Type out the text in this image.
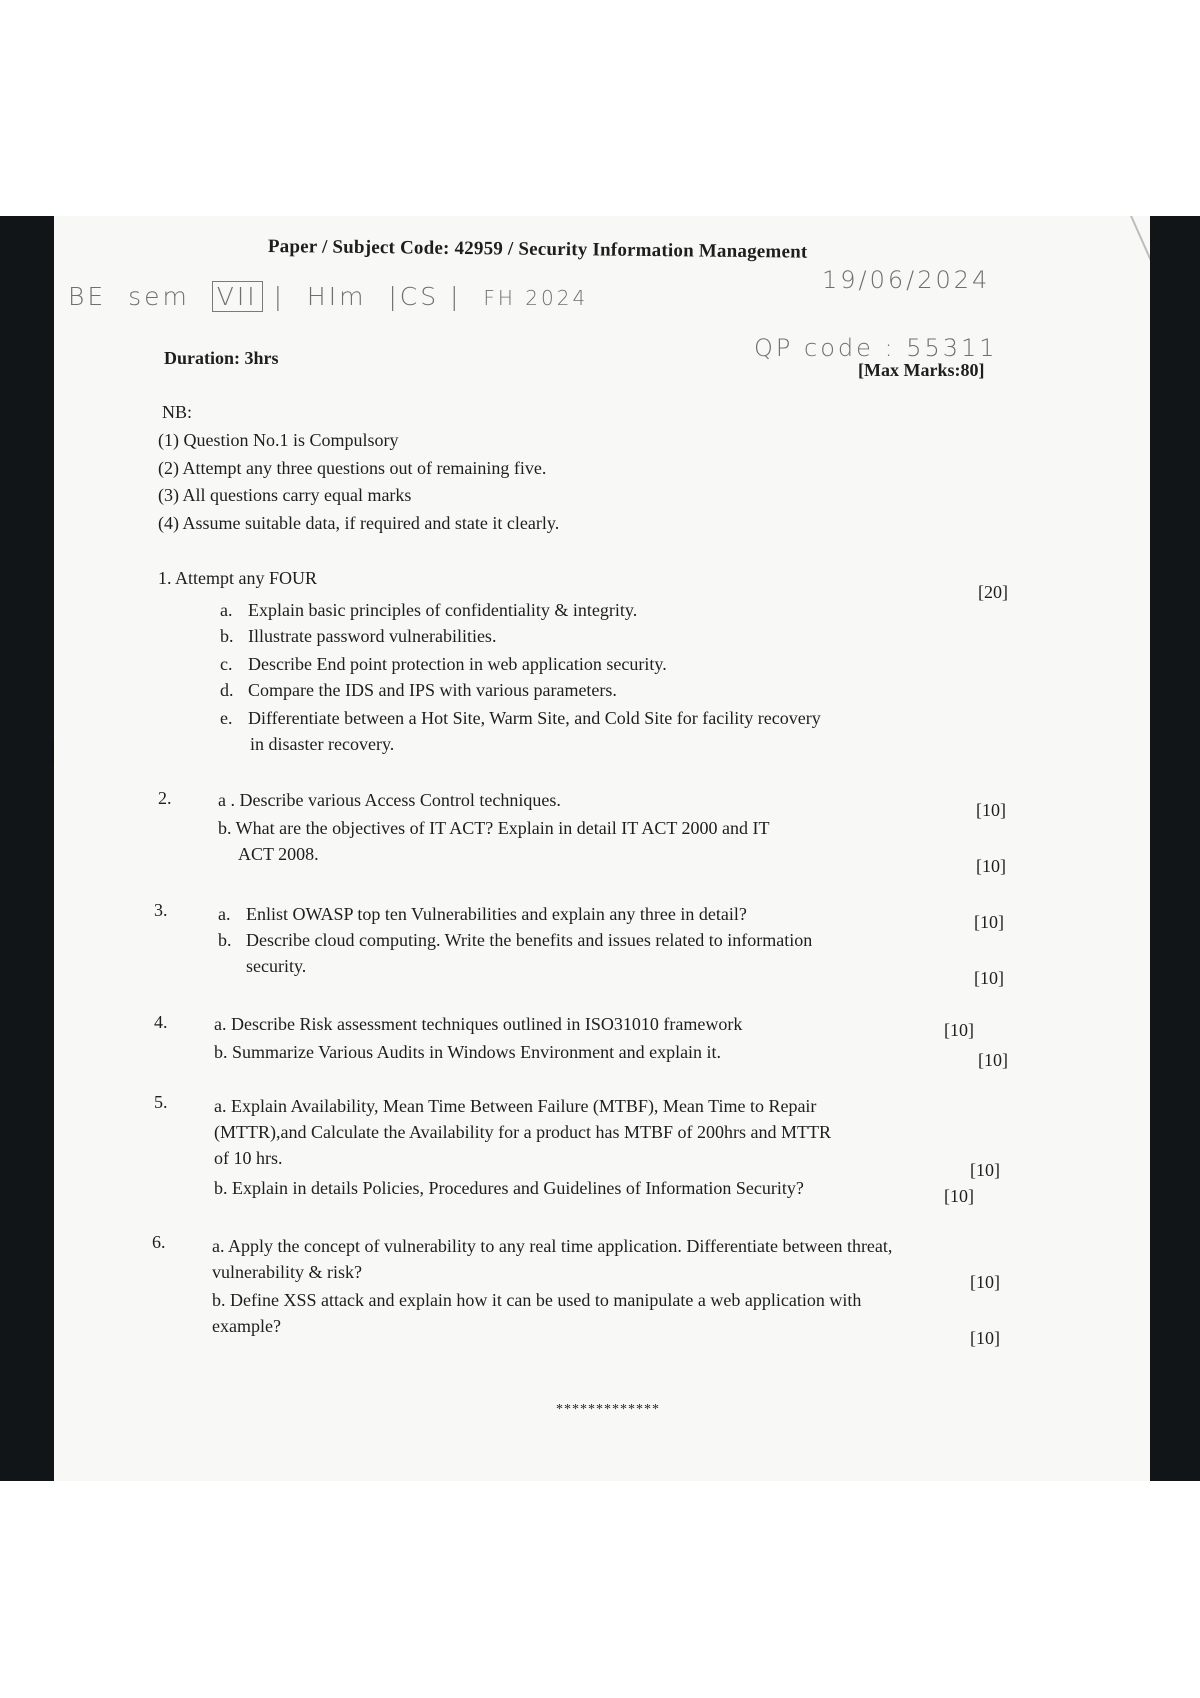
Paper / Subject Code: 42959 / Security Information Management
BE sem VII | HIm |CS | FH 2024
19/06/2024
QP code : 55311
Duration: 3hrs
[Max Marks:80]
NB:
(1) Question No.1 is Compulsory
(2) Attempt any three questions out of remaining five.
(3) All questions carry equal marks
(4) Assume suitable data, if required and state it clearly.
1. Attempt any FOUR
[20]
a. Explain basic principles of confidentiality & integrity.
b. Illustrate password vulnerabilities.
c. Describe End point protection in web application security.
d. Compare the IDS and IPS with various parameters.
e. Differentiate between a Hot Site, Warm Site, and Cold Site for facility recovery
in disaster recovery.
2.	a . Describe various Access Control techniques.	[10]
b. What are the objectives of IT ACT? Explain in detail IT ACT 2000 and IT
ACT 2008.
[10]
3.	a. Enlist OWASP top ten Vulnerabilities and explain any three in detail?	[10]
b. Describe cloud computing. Write the benefits and issues related to information
security.
[10]
4.	a. Describe Risk assessment techniques outlined in ISO31010 framework	[10]
b. Summarize Various Audits in Windows Environment and explain it.	[10]
5.	a. Explain Availability, Mean Time Between Failure (MTBF), Mean Time to Repair
(MTTR),and Calculate the Availability for a product has MTBF of 200hrs and MTTR
of 10 hrs.
[10]
b. Explain in details Policies, Procedures and Guidelines of Information Security?	[10]
6.	a. Apply the concept of vulnerability to any real time application. Differentiate between threat,
vulnerability & risk?	[10]
b. Define XSS attack and explain how it can be used to manipulate a web application with
example?
[10]
*************
